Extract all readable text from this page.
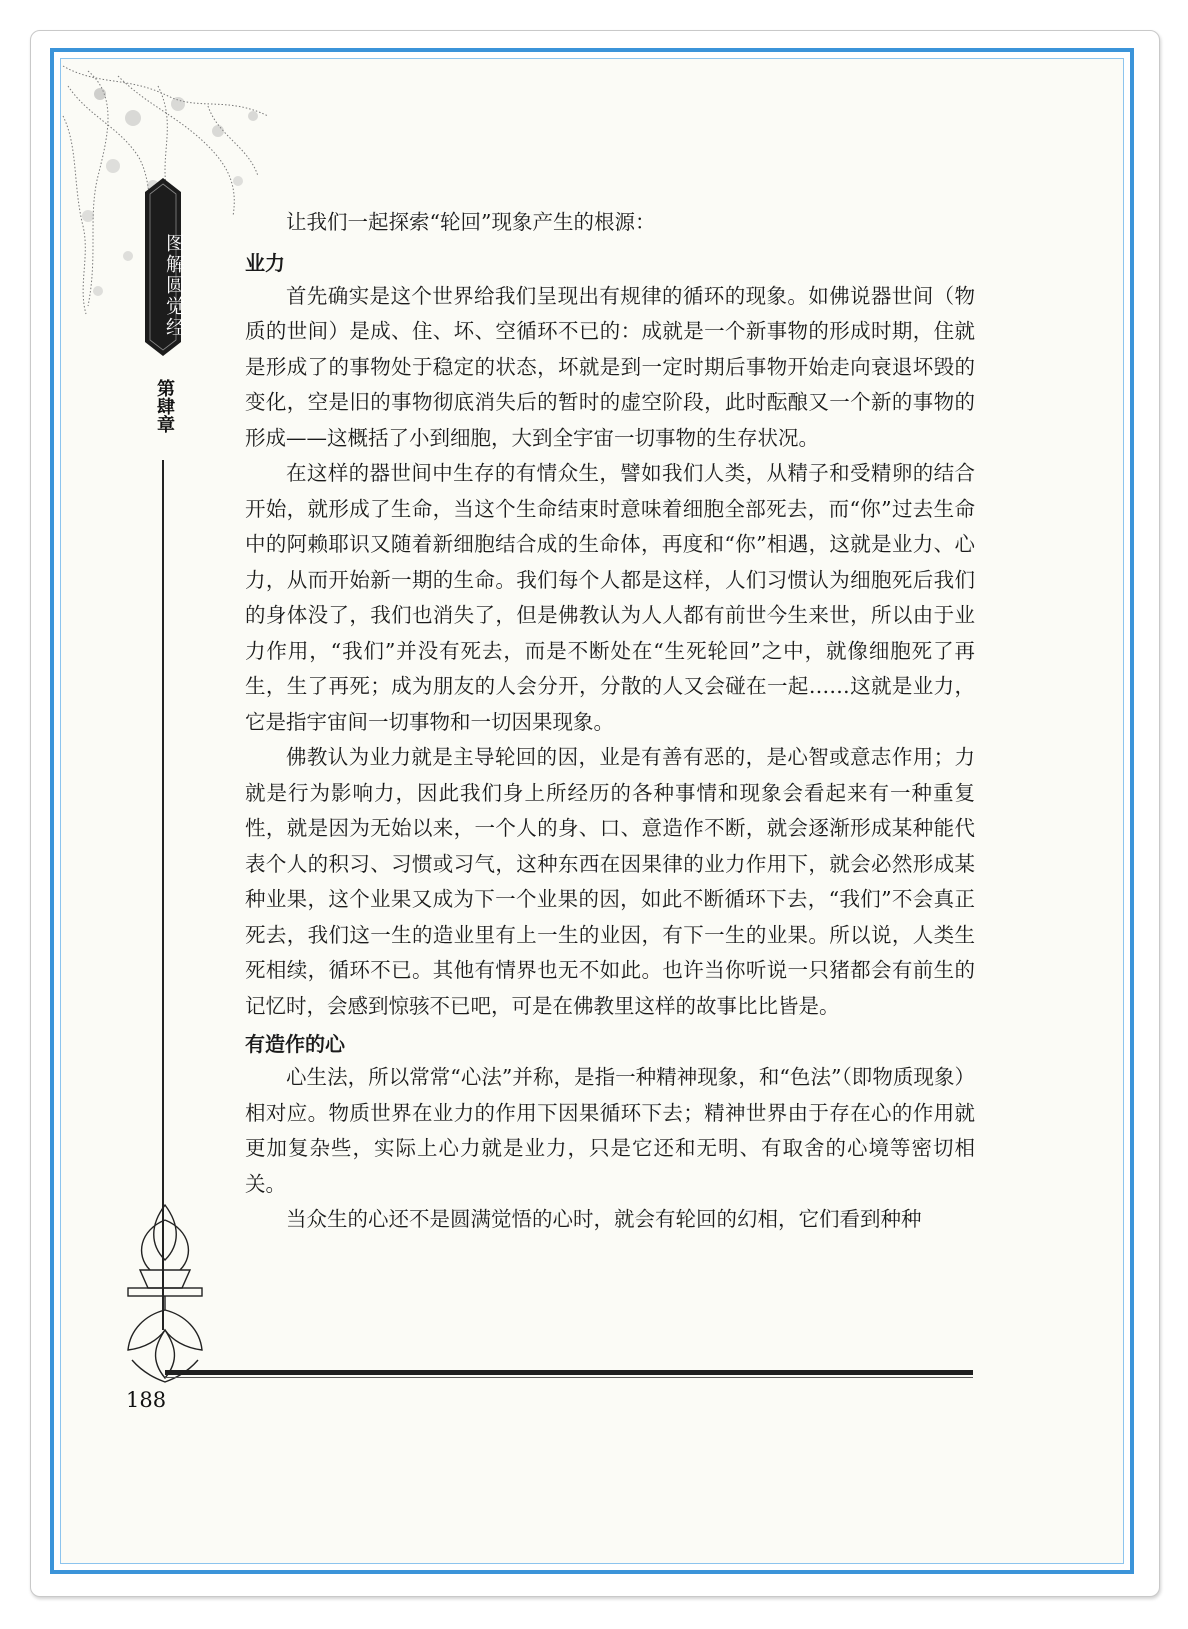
图解圆觉经
第肆章

让我们一起探索“轮回”现象产生的根源：

业力

首先确实是这个世界给我们呈现出有规律的循环的现象。如佛说器世间（物质的世间）是成、住、坏、空循环不已的：成就是一个新事物的形成时期，住就是形成了的事物处于稳定的状态，坏就是到一定时期后事物开始走向衰退坏毁的变化，空是旧的事物彻底消失后的暂时的虚空阶段，此时酝酿又一个新的事物的形成——这概括了小到细胞，大到全宇宙一切事物的生存状况。

在这样的器世间中生存的有情众生，譬如我们人类，从精子和受精卵的结合开始，就形成了生命，当这个生命结束时意味着细胞全部死去，而“你”过去生命中的阿赖耶识又随着新细胞结合成的生命体，再度和“你”相遇，这就是业力、心力，从而开始新一期的生命。我们每个人都是这样，人们习惯认为细胞死后我们的身体没了，我们也消失了，但是佛教认为人人都有前世今生来世，所以由于业力作用，“我们”并没有死去，而是不断处在“生死轮回”之中，就像细胞死了再生，生了再死；成为朋友的人会分开，分散的人又会碰在一起……这就是业力，它是指宇宙间一切事物和一切因果现象。

佛教认为业力就是主导轮回的因，业是有善有恶的，是心智或意志作用；力就是行为影响力，因此我们身上所经历的各种事情和现象会看起来有一种重复性，就是因为无始以来，一个人的身、口、意造作不断，就会逐渐形成某种能代表个人的积习、习惯或习气，这种东西在因果律的业力作用下，就会必然形成某种业果，这个业果又成为下一个业果的因，如此不断循环下去，“我们”不会真正死去，我们这一生的造业里有上一生的业因，有下一生的业果。所以说，人类生死相续，循环不已。其他有情界也无不如此。也许当你听说一只猪都会有前生的记忆时，会感到惊骇不已吧，可是在佛教里这样的故事比比皆是。

有造作的心

心生法，所以常常“心法”并称，是指一种精神现象，和“色法”（即物质现象）相对应。物质世界在业力的作用下因果循环下去；精神世界由于存在心的作用就更加复杂些，实际上心力就是业力，只是它还和无明、有取舍的心境等密切相关。

当众生的心还不是圆满觉悟的心时，就会有轮回的幻相，它们看到种种

188
